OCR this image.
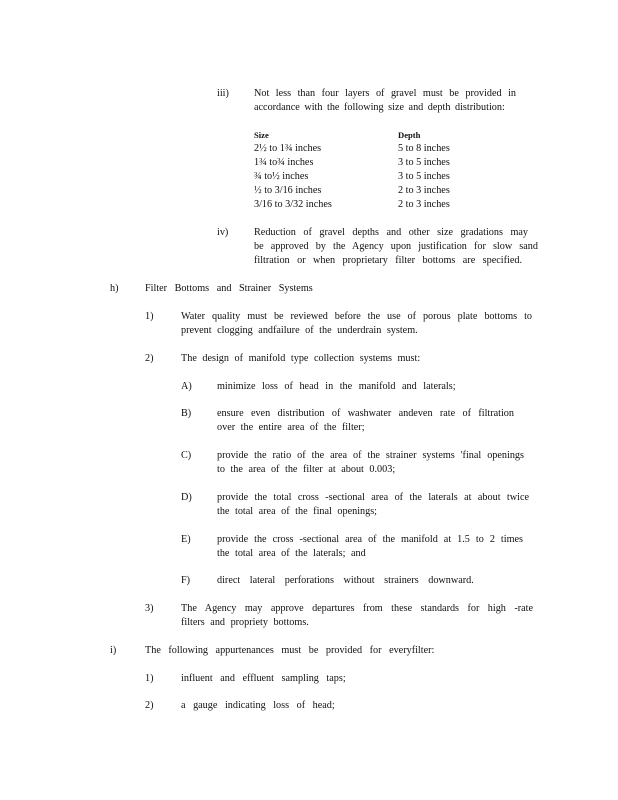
iii) Not less than four layers of gravel must be provided in
accordance with the following size and depth distribution:
Size	Depth
2½ to 1¾ inches	5 to 8 inches
1¾ to¾ inches	3 to 5 inches
¾ to½ inches	3 to 5 inches
½ to 3/16 inches	2 to 3 inches
3/16 to 3/32 inches	2 to 3 inches
iv)	Reduction of gravel depths and other size gradations may
be approved by the Agency upon justification for slow sand
filtration or when proprietary filter bottoms are specified.
h)	Filter Bottoms and Strainer Systems
1)	Water quality must be reviewed before the use of porous plate bottoms to
prevent clogging andfailure of the underdrain system.
2)	The design of manifold type collection systems must:
A) minimize loss of head in the manifold and laterals;
B)	ensure even distribution of washwater andeven rate of filtration
over the entire area of the filter;
C)	provide the ratio of the area of the strainer systems 'final openings
to the area of the filter at about 0.003;
D) provide the total cross -sectional area of the laterals at about twice
the total area of the final openings;
E)	provide the cross -sectional area of the manifold at 1.5 to 2 times
the total area of the laterals; and
F)	direct lateral perforations without strainers downward.
3)	The Agency may approve departures from these standards for high -rate
filters and propriety bottoms.
i)	The following appurtenances must be provided for everyfilter:
1)	influent and effluent sampling taps;
2)	a gauge indicating loss of head;
